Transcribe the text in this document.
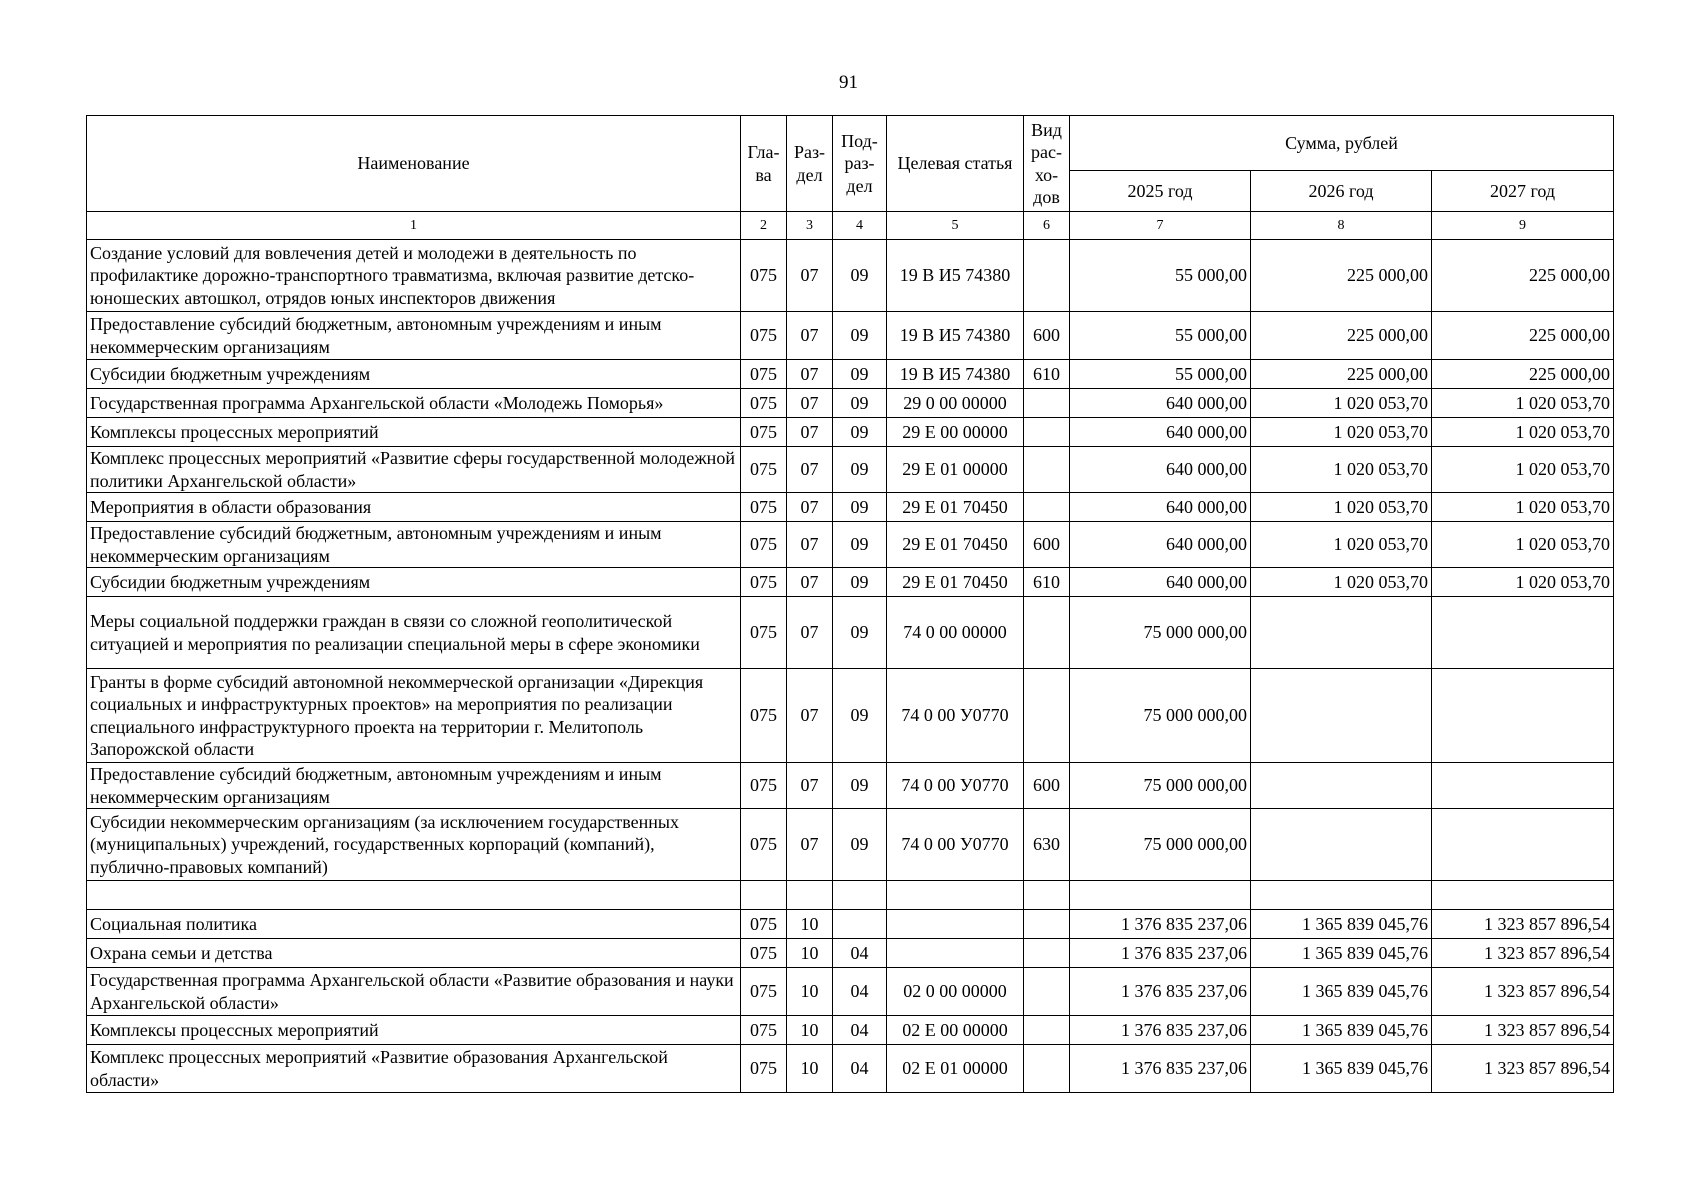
91
Наименование	Гла-ва	Раз-дел	Под-раз-дел	Целевая статья	Вид рас-хо-дов	Сумма, рублей		
						2025 год	2026 год	2027 год
1	2	3	4	5	6	7	8	9
Создание условий для вовлечения детей и молодежи в деятельность по профилактике дорожно-транспортного травматизма, включая развитие детско-юношеских автошкол, отрядов юных инспекторов движения	075	07	09	19 В И5 74380		55 000,00	225 000,00	225 000,00
Предоставление субсидий бюджетным, автономным учреждениям и иным некоммерческим организациям	075	07	09	19 В И5 74380	600	55 000,00	225 000,00	225 000,00
Субсидии бюджетным учреждениям	075	07	09	19 В И5 74380	610	55 000,00	225 000,00	225 000,00
Государственная программа Архангельской области «Молодежь Поморья»	075	07	09	29 0 00 00000		640 000,00	1 020 053,70	1 020 053,70
Комплексы процессных мероприятий	075	07	09	29 Е 00 00000		640 000,00	1 020 053,70	1 020 053,70
Комплекс процессных мероприятий «Развитие сферы государственной молодежной политики Архангельской области»	075	07	09	29 Е 01 00000		640 000,00	1 020 053,70	1 020 053,70
Мероприятия в области образования	075	07	09	29 Е 01 70450		640 000,00	1 020 053,70	1 020 053,70
Предоставление субсидий бюджетным, автономным учреждениям и иным некоммерческим организациям	075	07	09	29 Е 01 70450	600	640 000,00	1 020 053,70	1 020 053,70
Субсидии бюджетным учреждениям	075	07	09	29 Е 01 70450	610	640 000,00	1 020 053,70	1 020 053,70
Меры социальной поддержки граждан в связи со сложной геополитической ситуацией и мероприятия по реализации специальной меры в сфере экономики	075	07	09	74 0 00 00000		75 000 000,00		
Гранты в форме субсидий автономной некоммерческой организации «Дирекция социальных и инфраструктурных проектов» на мероприятия по реализации специального инфраструктурного проекта на территории г. Мелитополь Запорожской области	075	07	09	74 0 00 У0770		75 000 000,00		
Предоставление субсидий бюджетным, автономным учреждениям и иным некоммерческим организациям	075	07	09	74 0 00 У0770	600	75 000 000,00		
Субсидии некоммерческим организациям (за исключением государственных (муниципальных) учреждений, государственных корпораций (компаний), публично-правовых компаний)	075	07	09	74 0 00 У0770	630	75 000 000,00		

Социальная политика	075	10				1 376 835 237,06	1 365 839 045,76	1 323 857 896,54
Охрана семьи и детства	075	10	04			1 376 835 237,06	1 365 839 045,76	1 323 857 896,54
Государственная программа Архангельской области «Развитие образования и науки Архангельской области»	075	10	04	02 0 00 00000		1 376 835 237,06	1 365 839 045,76	1 323 857 896,54
Комплексы процессных мероприятий	075	10	04	02 Е 00 00000		1 376 835 237,06	1 365 839 045,76	1 323 857 896,54
Комплекс процессных мероприятий «Развитие образования Архангельской области»	075	10	04	02 Е 01 00000		1 376 835 237,06	1 365 839 045,76	1 323 857 896,54
